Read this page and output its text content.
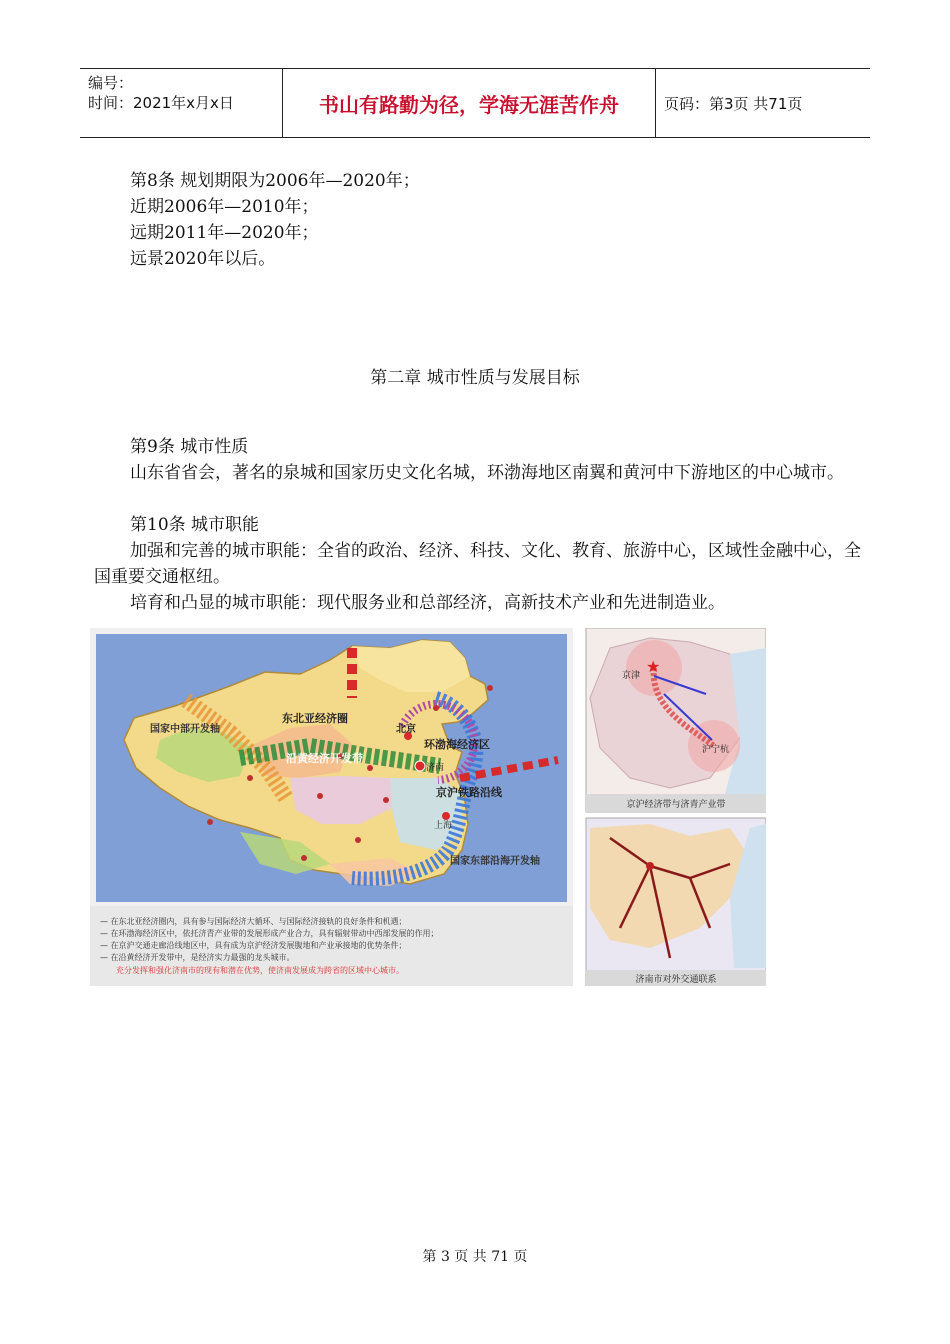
编号：
时间：2021年x月x日	书山有路勤为径，学海无涯苦作舟	页码：第3页 共71页
第8条 规划期限为2006年—2020年；
近期2006年—2010年；
远期2011年—2020年；
远景2020年以后。
第二章 城市性质与发展目标
第9条 城市性质
山东省省会，著名的泉城和国家历史文化名城，环渤海地区南翼和黄河中下游地区的中心城市。
第10条 城市职能
加强和完善的城市职能：全省的政治、经济、科技、文化、教育、旅游中心，区域性金融中心，全国重要交通枢纽。
培育和凸显的城市职能：现代服务业和总部经济，高新技术产业和先进制造业。
东北亚经济圈
环渤海经济区
京沪铁路沿线
沿黄经济开发带
北京
济南
上海
国家中部开发轴
国家东部沿海开发轴
— 在东北亚经济圈内，具有参与国际经济大循环、与国际经济接轨的良好条件和机遇；
— 在环渤海经济区中，依托济青产业带的发展形成产业合力，具有辐射带动中西部发展的作用；
— 在京沪交通走廊沿线地区中，具有成为京沪经济发展腹地和产业承接地的优势条件；
— 在沿黄经济开发带中，是经济实力最强的龙头城市。
充分发挥和强化济南市的现有和潜在优势，使济南发展成为跨省的区域中心城市。
★
京津
沪宁杭
京沪经济带与济青产业带
济南市对外交通联系
第 3 页 共 71 页
